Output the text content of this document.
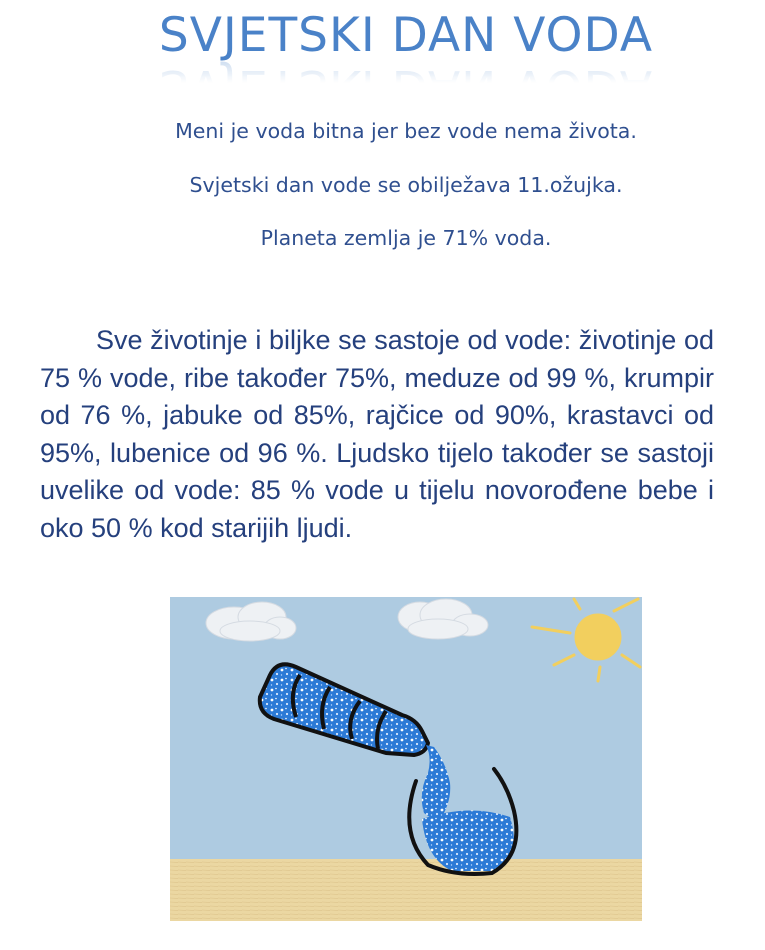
SVJETSKI DAN VODA

Meni je voda bitna jer bez vode nema života.

Svjetski dan vode se obilježava 11.ožujka.

Planeta zemlja je 71% voda.

Sve životinje i biljke se sastoje od vode: životinje od 75 % vode, ribe također 75%, meduze od 99 %, krumpir od 76 %, jabuke od 85%, rajčice od 90%, krastavci od 95%, lubenice od 96 %. Ljudsko tijelo također se sastoji uvelike od vode: 85 % vode u tijelu novorođene bebe i oko 50 % kod starijih ljudi.
